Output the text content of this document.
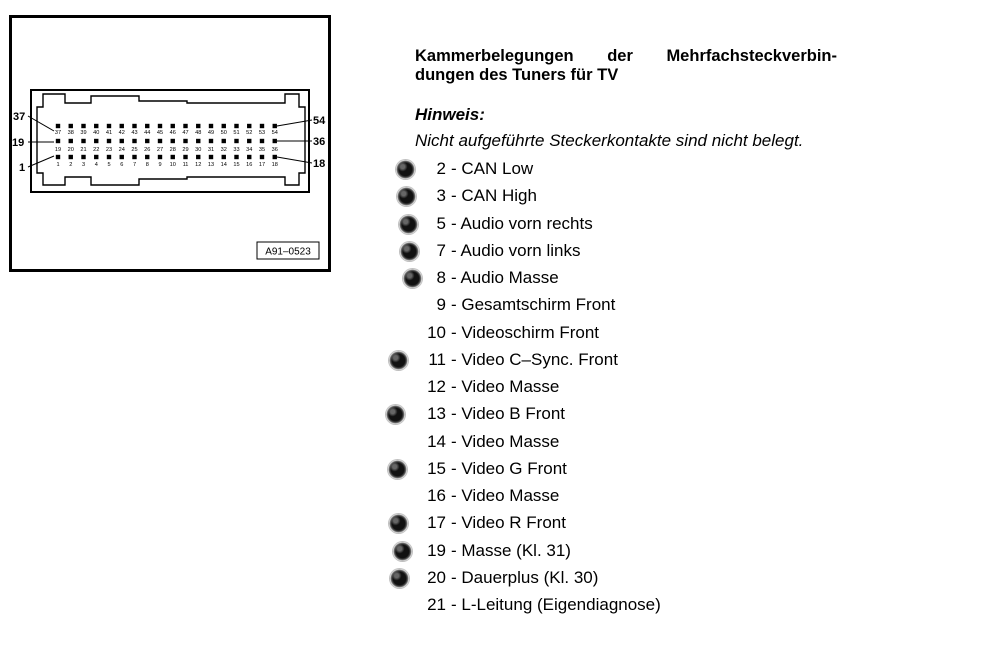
37 38 39 40 41 42 43 44 45 46 47 48 49 50 51 52 53 54
19 20 21 22 23 24 25 26 27 28 29 30 31 32 33 34 35 36
1 2 3 4 5 6 7 8 9 10 11 12 13 14 15 16 17 18
37
19
1
54
36
18
A91–0523
Kammerbelegungen der Mehrfachsteckverbin-
dungen des Tuners für TV
Hinweis:
Nicht aufgeführte Steckerkontakte sind nicht belegt.
2 - CAN Low
3 - CAN High
5 - Audio vorn rechts
7 - Audio vorn links
8 - Audio Masse
9 - Gesamtschirm Front
10 - Videoschirm Front
11 - Video C–Sync. Front
12 - Video Masse
13 - Video B Front
14 - Video Masse
15 - Video G Front
16 - Video Masse
17 - Video R Front
19 - Masse (Kl. 31)
20 - Dauerplus (Kl. 30)
21 - L-Leitung (Eigendiagnose)
